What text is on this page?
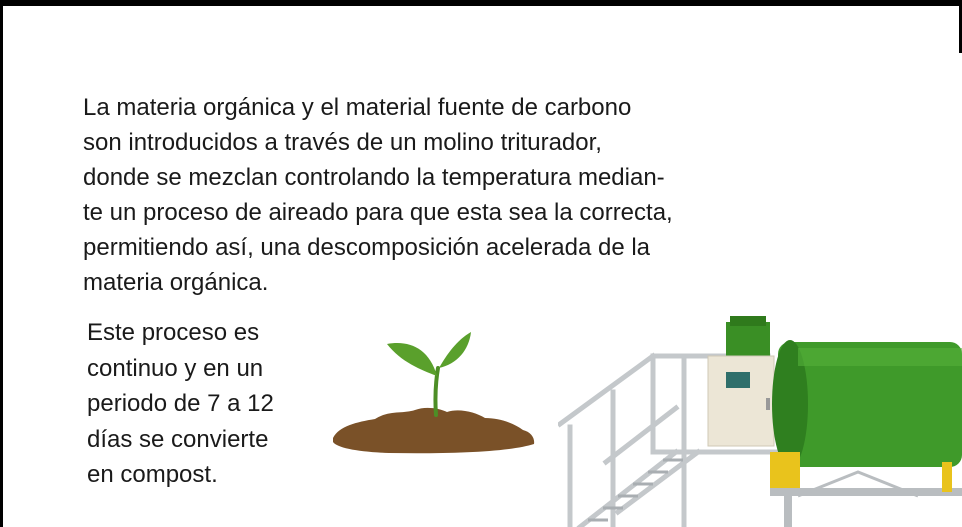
La materia orgánica y el material fuente de carbono
son introducidos a través de un molino triturador,
donde se mezclan controlando la temperatura median-
te un proceso de aireado para que esta sea la correcta,
permitiendo así, una descomposición acelerada de la
materia orgánica.

Este proceso es
continuo y en un
periodo de 7 a 12
días se convierte
en compost.
